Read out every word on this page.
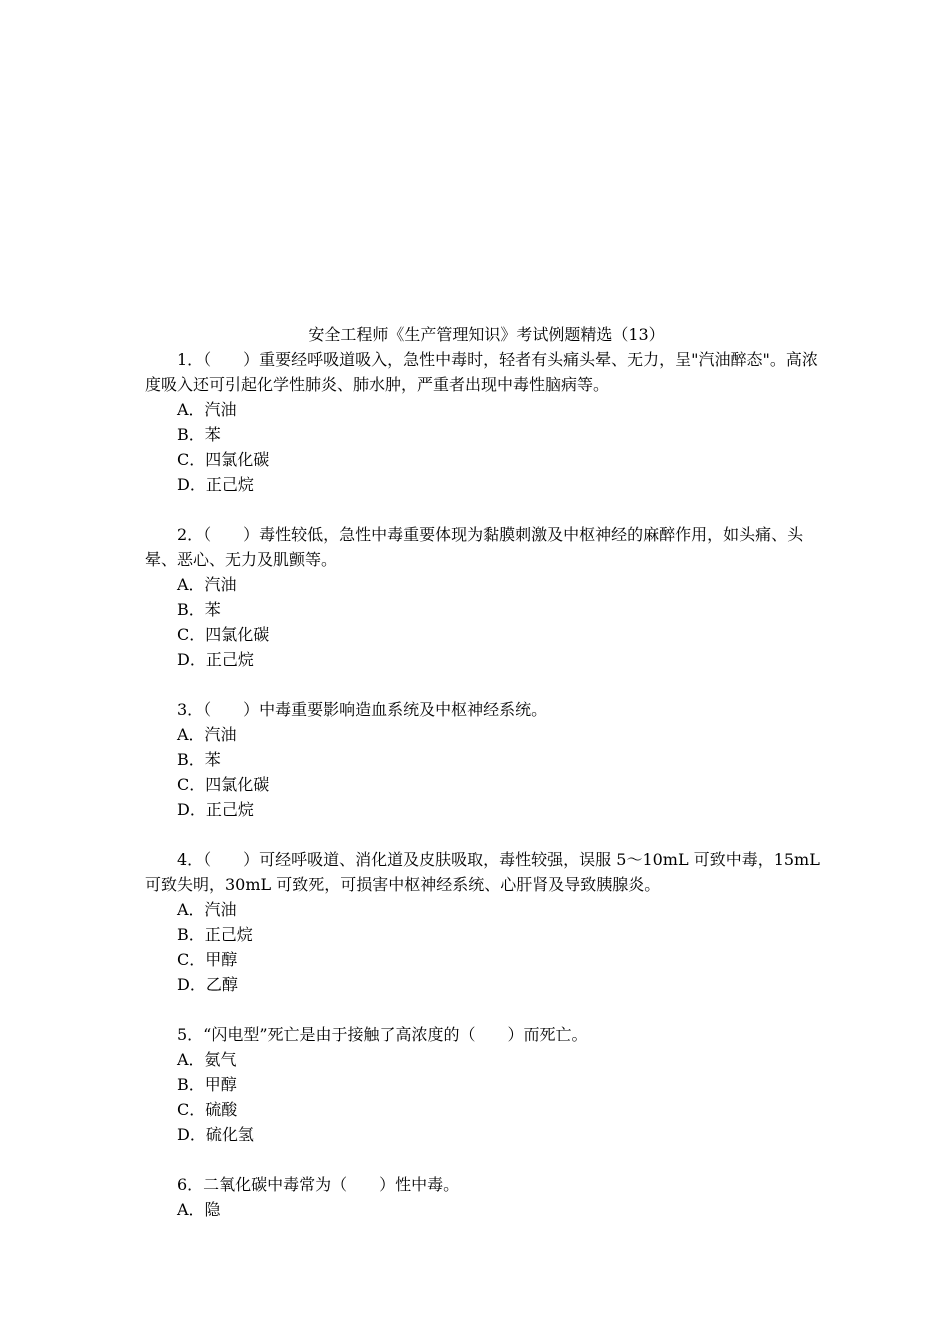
安全工程师《生产管理知识》考试例题精选（13）

1．（　　）重要经呼吸道吸入，急性中毒时，轻者有头痛头晕、无力，呈"汽油醉态"。高浓度吸入还可引起化学性肺炎、肺水肿，严重者出现中毒性脑病等。

A．汽油

B．苯

C．四氯化碳

D．正己烷

2．（　　）毒性较低，急性中毒重要体现为黏膜刺激及中枢神经的麻醉作用，如头痛、头晕、恶心、无力及肌颤等。

A．汽油

B．苯

C．四氯化碳

D．正己烷

3．（　　）中毒重要影响造血系统及中枢神经系统。

A．汽油

B．苯

C．四氯化碳

D．正己烷

4．（　　）可经呼吸道、消化道及皮肤吸取，毒性较强，误服 5～10mL 可致中毒，15mL 可致失明，30mL 可致死，可损害中枢神经系统、心肝肾及导致胰腺炎。

A．汽油

B．正己烷

C．甲醇

D．乙醇

5．“闪电型”死亡是由于接触了高浓度的（　　）而死亡。

A．氨气

B．甲醇

C．硫酸

D．硫化氢

6．二氧化碳中毒常为（　　）性中毒。

A．隐
